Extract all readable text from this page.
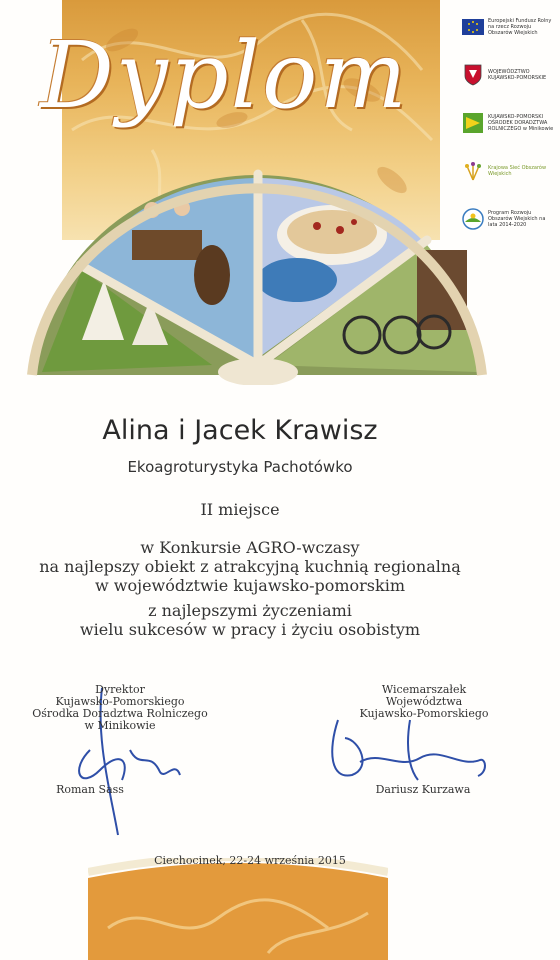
Dyplom
Europejski Fundusz Rolny na rzecz Rozwoju Obszarów Wiejskich
WOJEWÓDZTWO KUJAWSKO-POMORSKIE
KUJAWSKO-POMORSKI OŚRODEK DORADZTWA ROLNICZEGO w Minikowie
Krajowa Sieć Obszarów Wiejskich
Program Rozwoju Obszarów Wiejskich na lata 2014-2020
Alina i Jacek Krawisz
Ekoagroturystyka Pachotówko
II miejsce
w Konkursie AGRO-wczasy
na najlepszy obiekt z atrakcyjną kuchnią regionalną
w województwie kujawsko-pomorskim
z najlepszymi życzeniami
wielu sukcesów w pracy i życiu osobistym
Dyrektor
Kujawsko-Pomorskiego
Ośrodka Doradztwa Rolniczego
w Minikowie
Wicemarszałek
Województwa
Kujawsko-Pomorskiego
Roman Sass	Dariusz Kurzawa
Ciechocinek, 22-24 września 2015
